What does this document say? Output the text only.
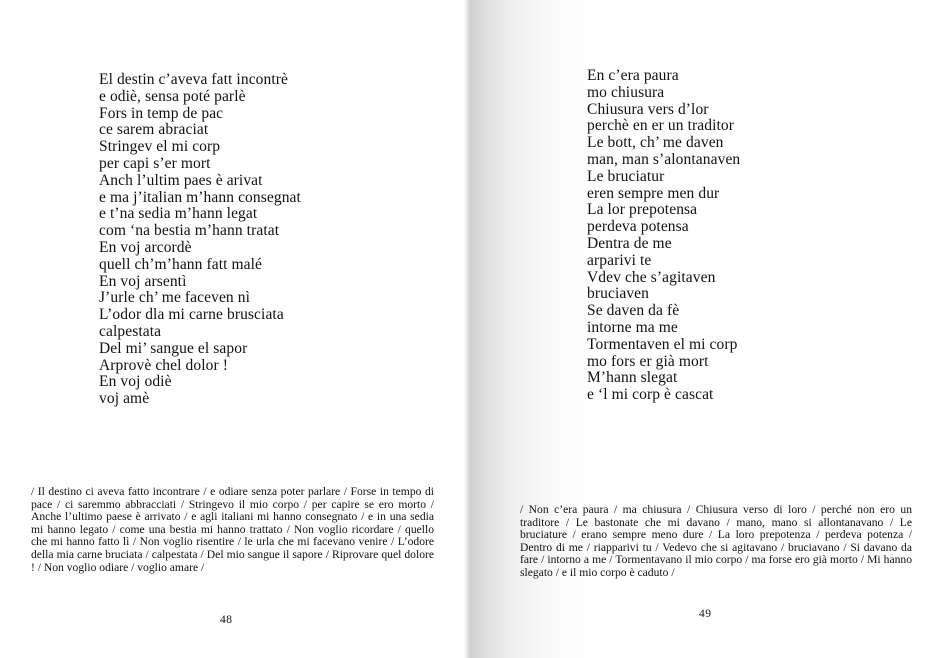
El destin c’aveva fatt incontrè
e odiè, sensa poté parlè
Fors in temp de pac
ce sarem abraciat
Stringev el mi corp
per capi s’er mort
Anch l’ultim paes è arivat
e ma j’italian m’hann consegnat
e t’na sedia m’hann legat
com ‘na bestia m’hann tratat
En voj arcordè
quell ch’m’hann fatt malé
En voj arsentì
J’urle ch’ me faceven nì
L’odor dla mi carne brusciata
calpestata
Del mi’ sangue el sapor
Arprovè chel dolor !
En voj odiè
voj amè

/ Il destino ci aveva fatto incontrare / e odiare senza poter parlare / Forse in tempo di pace / ci saremmo abbracciati / Stringevo il mio corpo / per capire se ero morto / Anche l’ultimo paese è arrivato / e agli italiani mi hanno consegnato / e in una sedia mi hanno legato / come una bestia mi hanno trattato / Non voglio ricordare / quello che mi hanno fatto lì / Non voglio risentire / le urla che mi facevano venire / L’odore della mia carne bruciata / calpestata / Del mio sangue il sapore / Riprovare quel dolore ! / Non voglio odiare / voglio amare /

48
En c’era paura
mo chiusura
Chiusura vers d’lor
perchè en er un traditor
Le bott, ch’ me daven
man, man s’alontanaven
Le bruciatur
eren sempre men dur
La lor prepotensa
perdeva potensa
Dentra de me
arparivi te
Vdev che s’agitaven
bruciaven
Se daven da fè
intorne ma me
Tormentaven el mi corp
mo fors er già mort
M’hann slegat
e ‘l mi corp è cascat

/ Non c’era paura / ma chiusura / Chiusura verso di loro / perché non ero un traditore / Le bastonate che mi davano / mano, mano si allontanavano / Le bruciature / erano sempre meno dure / La loro prepotenza / perdeva potenza / Dentro di me / riapparivi tu / Vedevo che si agitavano / bruciavano / Si davano da fare / intorno a me / Tormentavano il mio corpo / ma forse ero già morto / Mi hanno slegato / e il mio corpo è caduto /

49
